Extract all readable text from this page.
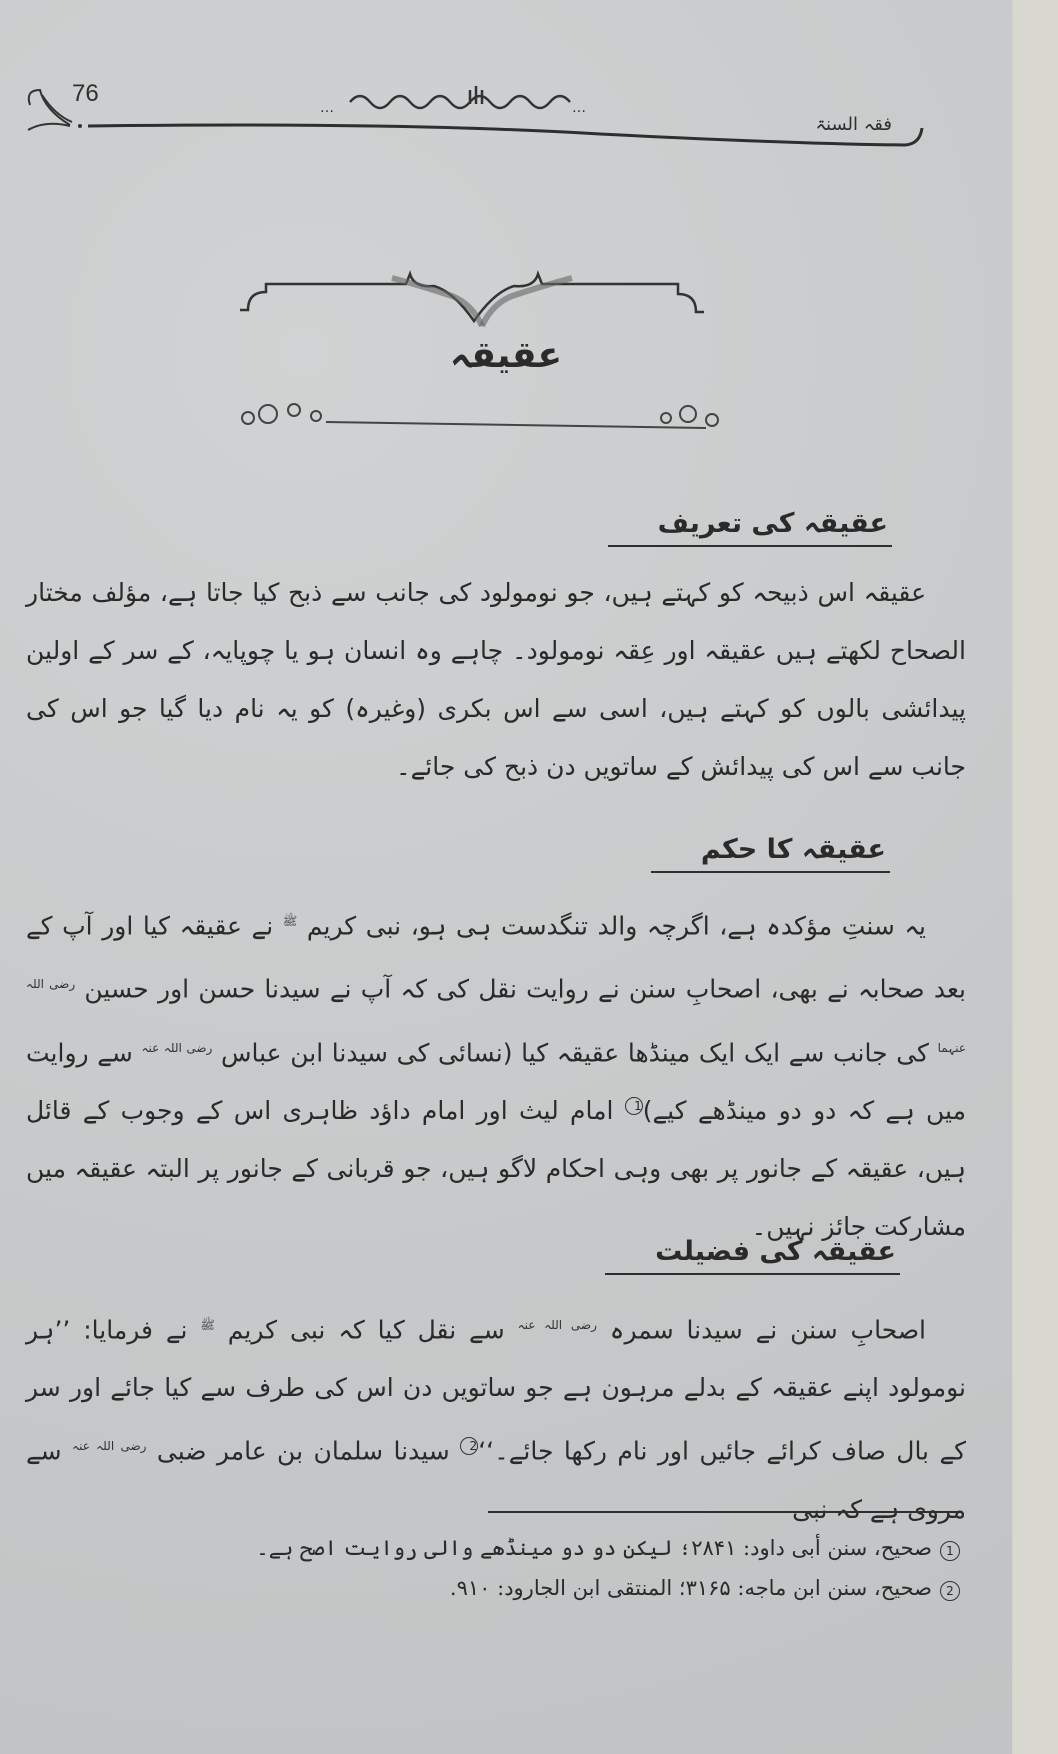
…	…
76
فقہ السنۃ
عقیقہ
عقیقہ کی تعریف

عقیقہ اس ذبیحہ کو کہتے ہیں، جو نومولود کی جانب سے ذبح کیا جاتا ہے، مؤلف مختار الصحاح لکھتے ہیں عقیقہ اور عِقہ نومولود۔ چاہے وہ انسان ہو یا چوپایہ، کے سر کے اولین پیدائشی بالوں کو کہتے ہیں، اسی سے اس بکری (وغیرہ) کو یہ نام دیا گیا جو اس کی جانب سے اس کی پیدائش کے ساتویں دن ذبح کی جائے۔

عقیقہ کا حکم

یہ سنتِ مؤکدہ ہے، اگرچہ والد تنگدست ہی ہو، نبی کریم $^ﷺ$ نے عقیقہ کیا اور آپ کے بعد صحابہ نے بھی، اصحابِ سنن نے روایت نقل کی کہ آپ نے سیدنا حسن اور حسین $^{رضی اللہ عنہما}$ کی جانب سے ایک ایک مینڈھا عقیقہ کیا (نسائی کی سیدنا ابن عباس $^{رضی اللہ عنہ}$ سے روایت میں ہے کہ دو دو مینڈھے کیے)1 امام لیث اور امام داؤد ظاہری اس کے وجوب کے قائل ہیں، عقیقہ کے جانور پر بھی وہی احکام لاگو ہیں، جو قربانی کے جانور پر البتہ عقیقہ میں مشارکت جائز نہیں۔

عقیقہ کی فضیلت

اصحابِ سنن نے سیدنا سمرہ $^{رضی اللہ عنہ}$ سے نقل کیا کہ نبی کریم $^ﷺ$ نے فرمایا: ’’ہر نومولود اپنے عقیقہ کے بدلے مرہون ہے جو ساتویں دن اس کی طرف سے کیا جائے اور سر کے بال صاف کرائے جائیں اور نام رکھا جائے۔‘‘2 سیدنا سلمان بن عامر ضبی $^{رضی اللہ عنہ}$ سے مروی ہے کہ نبی

1صحیح، سنن أبی داود: ۲۸۴۱؛ لیکن دو دو مینڈھے والی روایت اصح ہے۔

2صحیح، سنن ابن ماجه: ۳۱۶۵؛ المنتقی ابن الجارود: ۹۱۰.
